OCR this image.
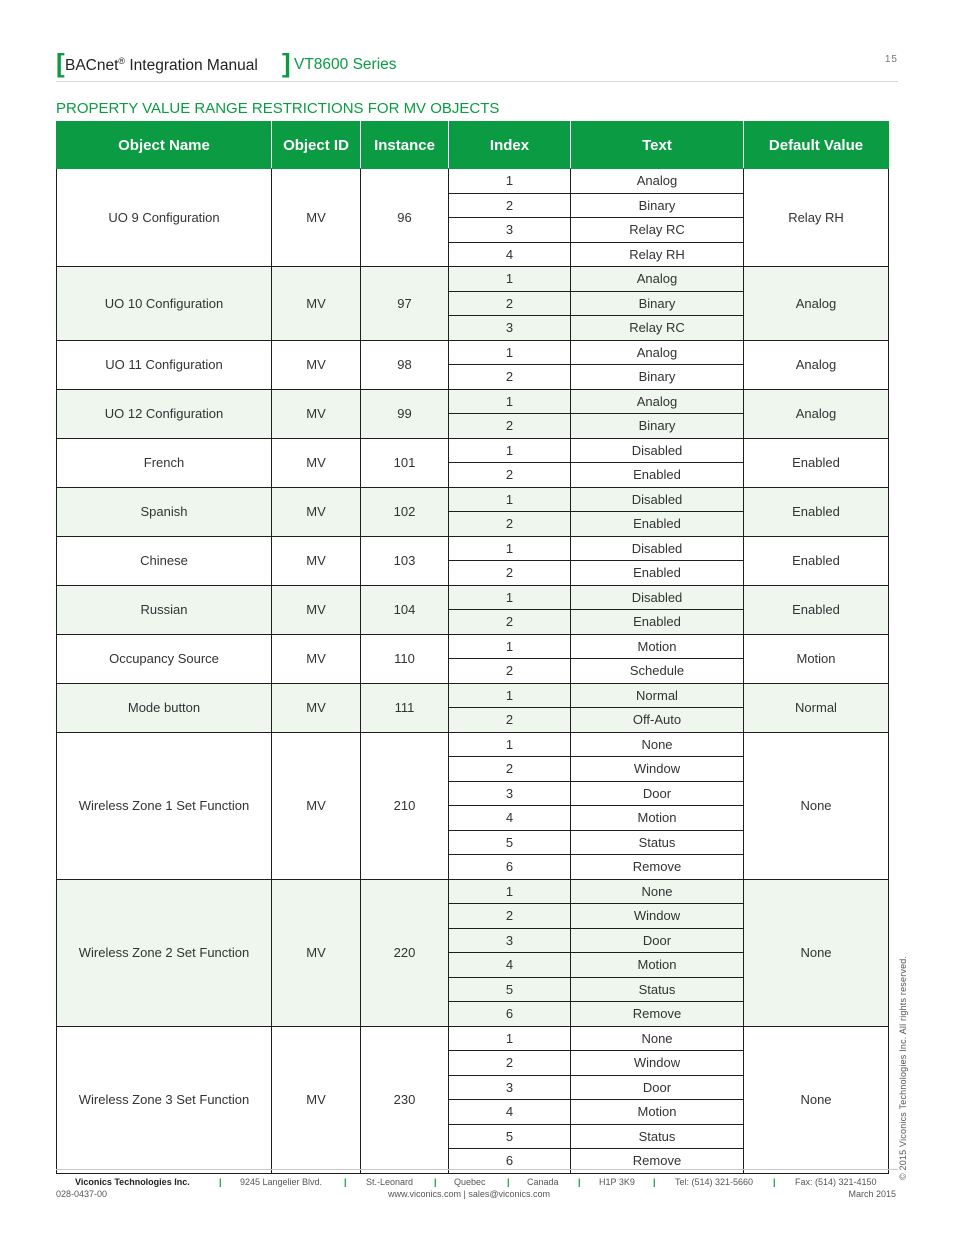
[ BACnet® Integration Manual ] VT8600 Series	15
PROPERTY VALUE RANGE RESTRICTIONS FOR MV OBJECTS
Object Name	Object ID	Instance	Index	Text	Default Value
UO 9 Configuration	MV	96	1	Analog	Relay RH
			2	Binary	
			3	Relay RC	
			4	Relay RH	
UO 10 Configuration	MV	97	1	Analog	Analog
			2	Binary	
			3	Relay RC	
UO 11 Configuration	MV	98	1	Analog	Analog
			2	Binary	
UO 12 Configuration	MV	99	1	Analog	Analog
			2	Binary	
French	MV	101	1	Disabled	Enabled
			2	Enabled	
Spanish	MV	102	1	Disabled	Enabled
			2	Enabled	
Chinese	MV	103	1	Disabled	Enabled
			2	Enabled	
Russian	MV	104	1	Disabled	Enabled
			2	Enabled	
Occupancy Source	MV	110	1	Motion	Motion
			2	Schedule	
Mode button	MV	111	1	Normal	Normal
			2	Off-Auto	
Wireless Zone 1 Set Function	MV	210	1	None	None
			2	Window	
			3	Door	
			4	Motion	
			5	Status	
			6	Remove	
Wireless Zone 2 Set Function	MV	220	1	None	None
			2	Window	
			3	Door	
			4	Motion	
			5	Status	
			6	Remove	
Wireless Zone 3 Set Function	MV	230	1	None	None
			2	Window	
			3	Door	
			4	Motion	
			5	Status	
			6	Remove		© 2015 Viconics Technologies Inc. All rights reserved.
Viconics Technologies Inc.	| 9245 Langelier Blvd. | St.-Leonard | Quebec | Canada | H1P 3K9 | Tel: (514) 321-5660 | Fax: (514) 321-4150
028-0437-00	www.viconics.com | sales@viconics.com	March 2015
